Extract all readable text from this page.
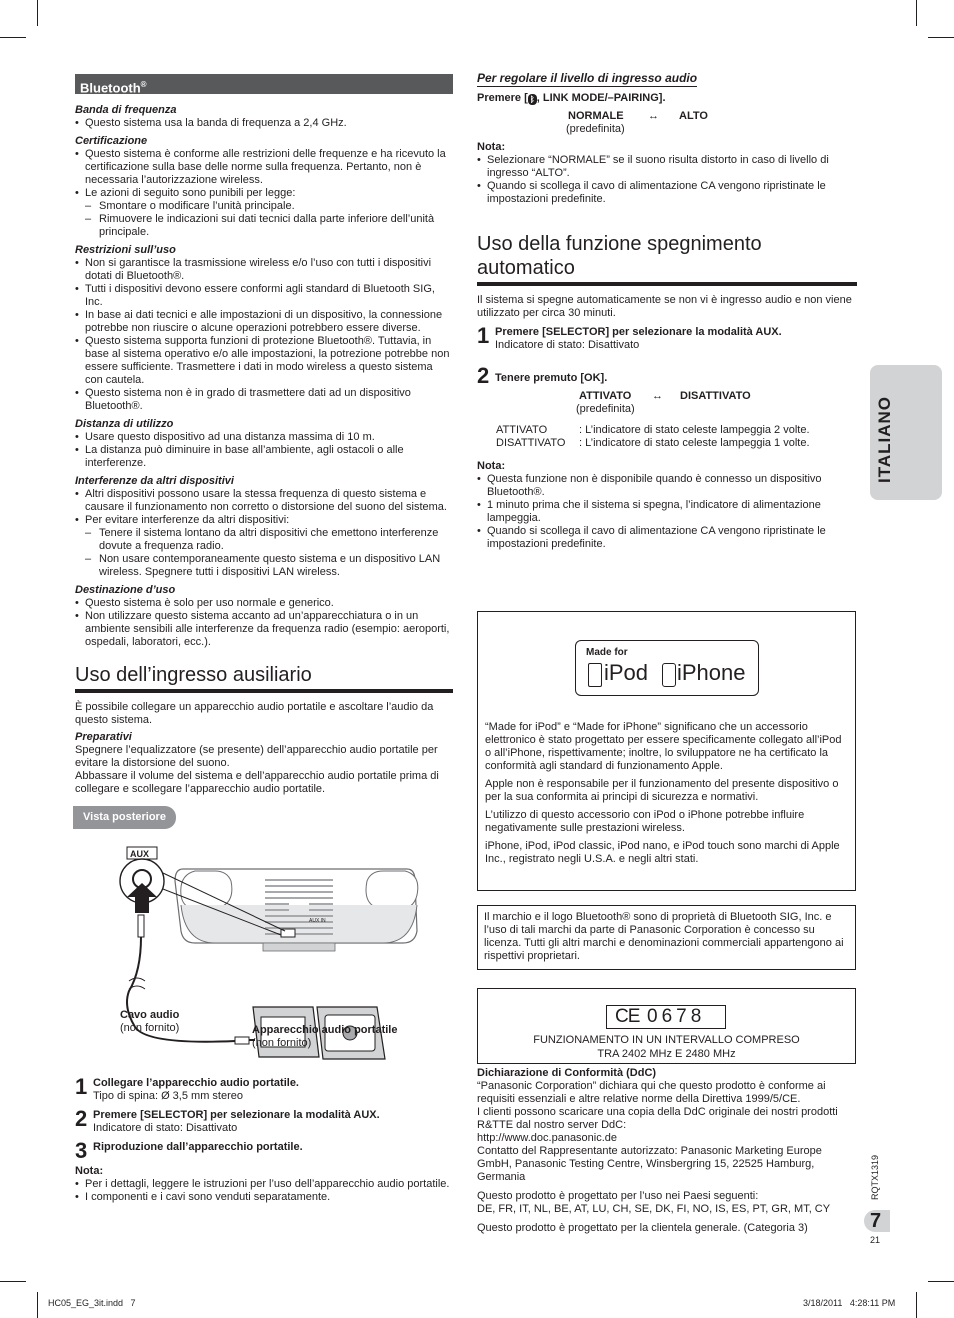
Bluetooth®
Banda di frequenza
• Questo sistema usa la banda di frequenza a 2,4 GHz.
Certificazione
• Questo sistema è conforme alle restrizioni delle frequenze e ha ricevuto la certificazione sulla base delle norme sulla frequenza. Pertanto, non è necessaria l’autorizzazione wireless.
• Le azioni di seguito sono punibili per legge:
– Smontare o modificare l’unità principale.
– Rimuovere le indicazioni sui dati tecnici dalla parte inferiore dell’unità principale.
Restrizioni sull’uso
• Non si garantisce la trasmissione wireless e/o l’uso con tutti i dispositivi dotati di Bluetooth®.
• Tutti i dispositivi devono essere conformi agli standard di Bluetooth SIG, Inc.
• In base ai dati tecnici e alle impostazioni di un dispositivo, la connessione potrebbe non riuscire o alcune operazioni potrebbero essere diverse.
• Questo sistema supporta funzioni di protezione Bluetooth®. Tuttavia, in base al sistema operativo e/o alle impostazioni, la potrezione potrebbe non essere sufficiente. Trasmettere i dati in modo wireless a questo sistema con cautela.
• Questo sistema non è in grado di trasmettere dati ad un dispositivo Bluetooth®.
Distanza di utilizzo
• Usare questo dispositivo ad una distanza massima di 10 m.
• La distanza può diminuire in base all’ambiente, agli ostacoli o alle interferenze.
Interferenze da altri dispositivi
• Altri dispositivi possono usare la stessa frequenza di questo sistema e causare il funzionamento non corretto o distorsione del suono del sistema.
• Per evitare interferenze da altri dispositivi:
– Tenere il sistema lontano da altri dispositivi che emettono interferenze dovute a frequenza radio.
– Non usare contemporaneamente questo sistema e un dispositivo LAN wireless. Spegnere tutti i dispositivi LAN wireless.
Destinazione d’uso
• Questo sistema è solo per uso normale e generico.
• Non utilizzare questo sistema accanto ad un’apparecchiatura o in un ambiente sensibili alle interferenze da frequenza radio (esempio: aeroporti, ospedali, laboratori, ecc.).
Uso dell’ingresso ausiliario

È possibile collegare un apparecchio audio portatile e ascoltare l’audio da questo sistema.

Preparativi

Spegnere l’equalizzatore (se presente) dell’apparecchio audio portatile per evitare la distorsione del suono.

Abbassare il volume del sistema e dell’apparecchio audio portatile prima di collegare e scollegare l’apparecchio audio portatile.

Vista posteriore
AUX
AUX IN
Cavo audio
(non fornito)	Apparecchio audio portatile
(non fornito)
1 Collegare l’apparecchio audio portatile.
Tipo di spina: Ø 3,5 mm stereo
2 Premere [SELECTOR] per selezionare la modalità AUX.
Indicatore di stato: Disattivato
3 Riproduzione dall’apparecchio portatile.
Nota:
• Per i dettagli, leggere le istruzioni per l’uso dell’apparecchio audio portatile.
• I componenti e i cavi sono venduti separatamente.
Per regolare il livello di ingresso audio
Premere [ ᛒ , LINK MODE/–PAIRING].
NORMALE ↔ ALTO
(predefinita)
Nota:
• Selezionare “NORMALE” se il suono risulta distorto in caso di livello di ingresso “ALTO”.
• Quando si scollega il cavo di alimentazione CA vengono ripristinate le impostazioni predefinite.
Uso della funzione spegnimento automatico

Il sistema si spegne automaticamente se non vi è ingresso audio e non viene utilizzato per circa 30 minuti.

1 Premere [SELECTOR] per selezionare la modalità AUX.
Indicatore di stato: Disattivato
2 Tenere premuto [OK].
ATTIVATO ↔ DISATTIVATO
(predefinita)
ATTIVATO	: L’indicatore di stato celeste lampeggia 2 volte.
DISATTIVATO : L’indicatore di stato celeste lampeggia 1 volte.
Nota:
• Questa funzione non è disponibile quando è connesso un dispositivo Bluetooth®.
• 1 minuto prima che il sistema si spegna, l’indicatore di alimentazione lampeggia.
• Quando si scollega il cavo di alimentazione CA vengono ripristinate le impostazioni predefinite.
Made for
iPod iPhone

“Made for iPod” e “Made for iPhone” significano che un accessorio elettronico è stato progettato per essere specificamente collegato all’iPod o all’iPhone, rispettivamente; inoltre, lo sviluppatore ne ha certificato la conformità agli standard di funzionamento Apple.

Apple non è responsabile per il funzionamento del presente dispositivo o per la sua conformita ai principi di sicurezza e normativi.

L’utilizzo di questo accessorio con iPod o iPhone potrebbe influire negativamente sulle prestazioni wireless.

iPhone, iPod, iPod classic, iPod nano, e iPod touch sono marchi di Apple Inc., registrato negli U.S.A. e negli altri stati.

Il marchio e il logo Bluetooth® sono di proprietà di Bluetooth SIG, Inc. e l’uso di tali marchi da parte di Panasonic Corporation è concesso su licenza. Tutti gli altri marchi e denominazioni commerciali appartengono ai rispettivi proprietari.

CE 0678
FUNZIONAMENTO IN UN INTERVALLO COMPRESO
TRA 2402 MHz E 2480 MHz
Dichiarazione di Conformità (DdC)

“Panasonic Corporation” dichiara qui che questo prodotto è conforme ai requisiti essenziali e altre relative norme della Direttiva 1999/5/CE.

I clienti possono scaricare una copia della DdC originale dei nostri prodotti R&TTE dal nostro server DdC:

http://www.doc.panasonic.de

Contatto del Rappresentante autorizzato: Panasonic Marketing Europe GmbH, Panasonic Testing Centre, Winsbergring 15, 22525 Hamburg, Germania

Questo prodotto è progettato per l’uso nei Paesi seguenti:

DE, FR, IT, NL, BE, AT, LU, CH, SE, DK, FI, NO, IS, ES, PT, GR, MT, CY

Questo prodotto è progettato per la clientela generale. (Categoria 3)

ITALIANO
RQTX1319
7
21
HC05_EG_3it.indd   7	3/18/2011   4:28:11 PM
